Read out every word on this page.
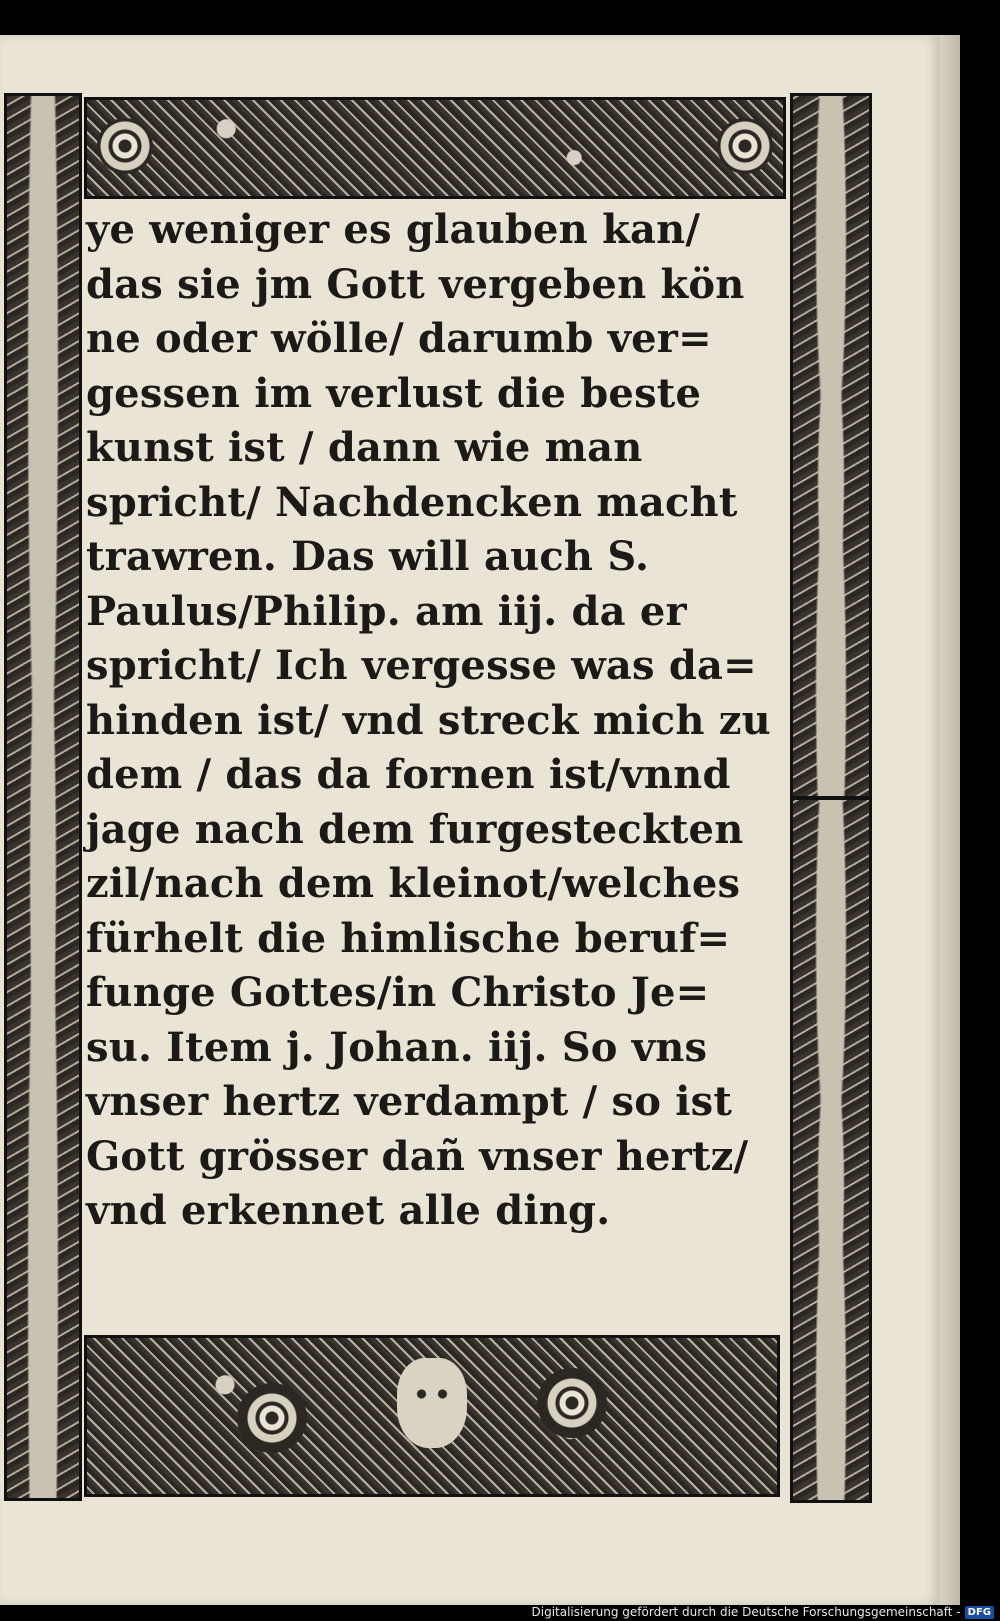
ye weniger es glauben kan/
das sie jm Gott vergeben kön
ne oder wölle/ darumb ver=
gessen im verlust die beste
kunst ist / dann wie man
spricht/ Nachdencken macht
trawren. Das will auch S.
Paulus/Philip. am iij. da er
spricht/ Ich vergesse was da=
hinden ist/ vnd streck mich zu
dem / das da fornen ist/vnnd
jage nach dem furgesteckten
zil/nach dem kleinot/welches
fürhelt die himlische beruf=
funge Gottes/in Christo Je=
su. Item j. Johan. iij. So vns
vnser hertz verdampt / so ist
Gott grösser dañ vnser hertz/
vnd erkennet alle ding.
Digitalisierung gefördert durch die Deutsche Forschungsgemeinschaft - DFG
